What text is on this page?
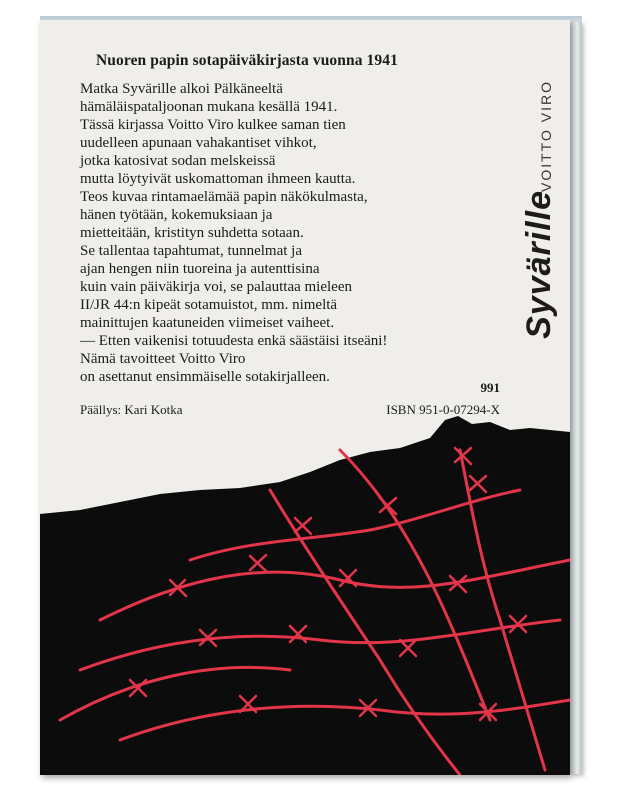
VOITTO VIRO
Syvärille
Nuoren papin sotapäiväkirjasta vuonna 1941
Matka Syvärille alkoi Pälkäneeltä
hämäläispataljoonan mukana kesällä 1941.
Tässä kirjassa Voitto Viro kulkee saman tien
uudelleen apunaan vahakantiset vihkot,
jotka katosivat sodan melskeissä
mutta löytyivät uskomattoman ihmeen kautta.
Teos kuvaa rintamaelämää papin näkökulmasta,
hänen työtään, kokemuksiaan ja
mietteitään, kristityn suhdetta sotaan.
Se tallentaa tapahtumat, tunnelmat ja
ajan hengen niin tuoreina ja autenttisina
kuin vain päiväkirja voi, se palauttaa mieleen
II/JR 44:n kipeät sotamuistot, mm. nimeltä
mainittujen kaatuneiden viimeiset vaiheet.
— Etten vaikenisi totuudesta enkä säästäisi itseäni!
Nämä tavoitteet Voitto Viro
on asettanut ensimmäiselle sotakirjalleen.
991
Päällys: Kari Kotka	ISBN 951-0-07294-X
